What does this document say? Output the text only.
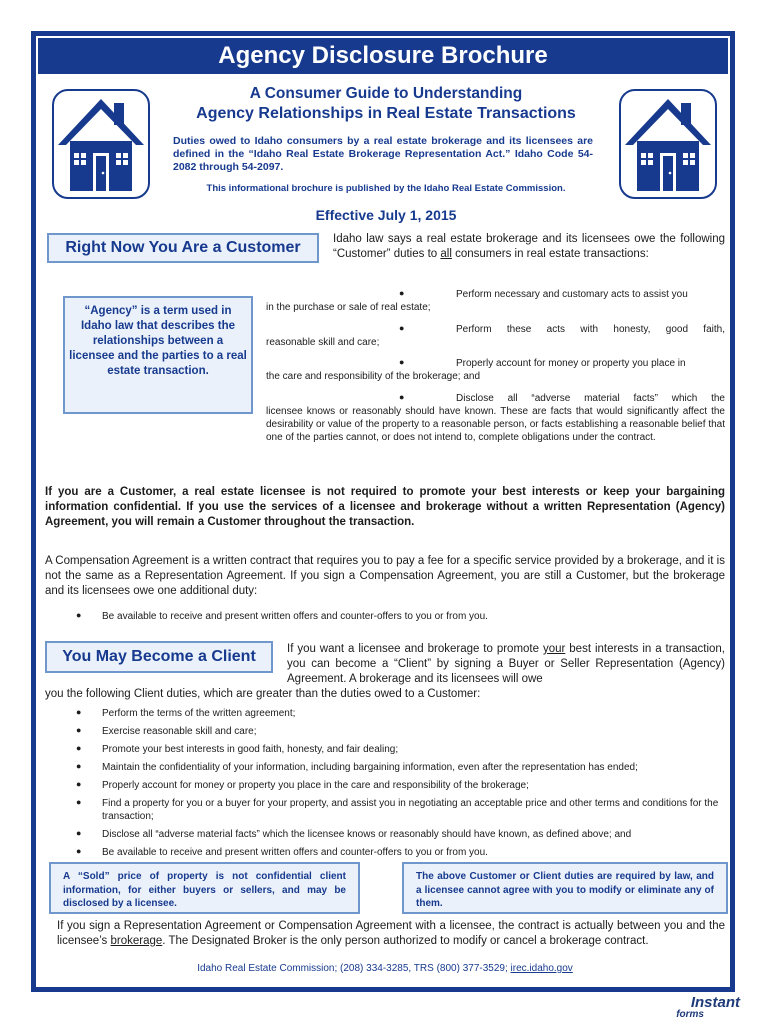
Agency Disclosure Brochure
A Consumer Guide to Understanding
Agency Relationships in Real Estate Transactions
Duties owed to Idaho consumers by a real estate brokerage and its licensees are defined in the “Idaho Real Estate Brokerage Representation Act.” Idaho Code 54-2082 through 54-2097.
This informational brochure is published by the Idaho Real Estate Commission.
Effective July 1, 2015
Right Now You Are a Customer	Idaho law says a real estate brokerage and its licensees owe the following “Customer” duties to all consumers in real estate transactions:
“Agency” is a term used in Idaho law that describes the relationships between a licensee and the parties to a real estate transaction.
●	Perform necessary and customary acts to assist you
in the purchase or sale of real estate;
●	Perform these acts with honesty, good faith,
reasonable skill and care;
●	Properly account for money or property you place in
the care and responsibility of the brokerage; and
●	Disclose all “adverse material facts” which the
licensee knows or reasonably should have known. These are facts that would significantly affect the desirability or value of the property to a reasonable person, or facts establishing a reasonable belief that one of the parties cannot, or does not intend to, complete obligations under the contract.
If you are a Customer, a real estate licensee is not required to promote your best interests or keep your bargaining information confidential. If you use the services of a licensee and brokerage without a written Representation (Agency) Agreement, you will remain a Customer throughout the transaction.
A Compensation Agreement is a written contract that requires you to pay a fee for a specific service provided by a brokerage, and it is not the same as a Representation Agreement. If you sign a Compensation Agreement, you are still a Customer, but the brokerage and its licensees owe one additional duty:
● Be available to receive and present written offers and counter-offers to you or from you.
You May Become a Client	If you want a licensee and brokerage to promote your best interests in a transaction, you can become a “Client” by signing a Buyer or Seller Representation (Agency) Agreement. A brokerage and its licensees will owe
you the following Client duties, which are greater than the duties owed to a Customer:
● Perform the terms of the written agreement;
● Exercise reasonable skill and care;
● Promote your best interests in good faith, honesty, and fair dealing;
● Maintain the confidentiality of your information, including bargaining information, even after the representation has ended;
● Properly account for money or property you place in the care and responsibility of the brokerage;
● Find a property for you or a buyer for your property, and assist you in negotiating an acceptable price and other terms and conditions for the transaction;
● Disclose all “adverse material facts” which the licensee knows or reasonably should have known, as defined above; and
● Be available to receive and present written offers and counter-offers to you or from you.
A “Sold” price of property is not confidential client information, for either buyers or sellers, and may be disclosed by a licensee.
The above Customer or Client duties are required by law, and a licensee cannot agree with you to modify or eliminate any of them.
If you sign a Representation Agreement or Compensation Agreement with a licensee, the contract is actually between you and the licensee’s brokerage. The Designated Broker is the only person authorized to modify or cancel a brokerage contract.
Idaho Real Estate Commission; (208) 334-3285, TRS (800) 377-3529; irec.idaho.gov
Instant
forms
